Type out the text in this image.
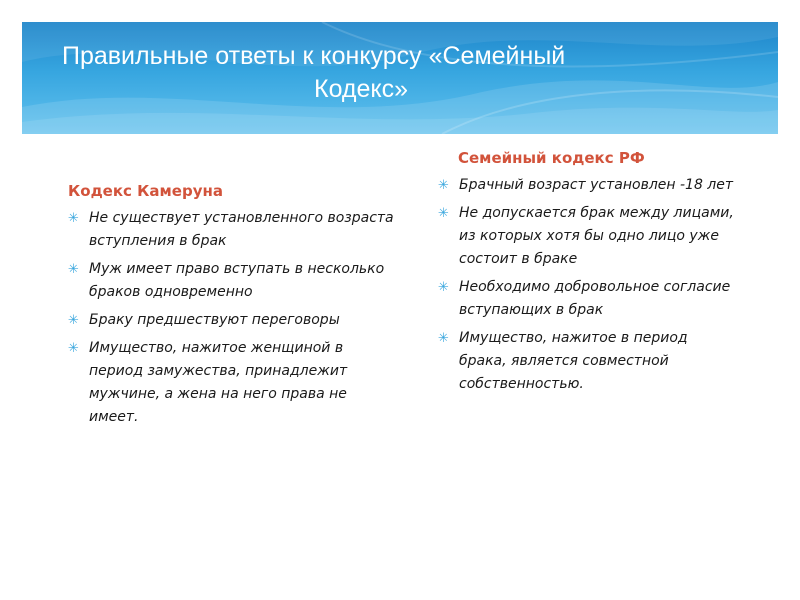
Правильные ответы к конкурсу «Семейный
Кодекс»
Кодекс Камеруна
✳ Не существует установленного возраста вступления в брак
✳ Муж имеет право вступать в несколько браков одновременно
✳ Браку предшествуют переговоры
✳ Имущество, нажитое женщиной в период замужества, принадлежит мужчине, а жена на него права не имеет.
Семейный кодекс РФ
✳ Брачный возраст установлен -18 лет
✳ Не допускается брак между лицами, из которых хотя бы одно лицо уже состоит в браке
✳ Необходимо добровольное согласие вступающих в брак
✳ Имущество, нажитое в период брака, является совместной собственностью.
